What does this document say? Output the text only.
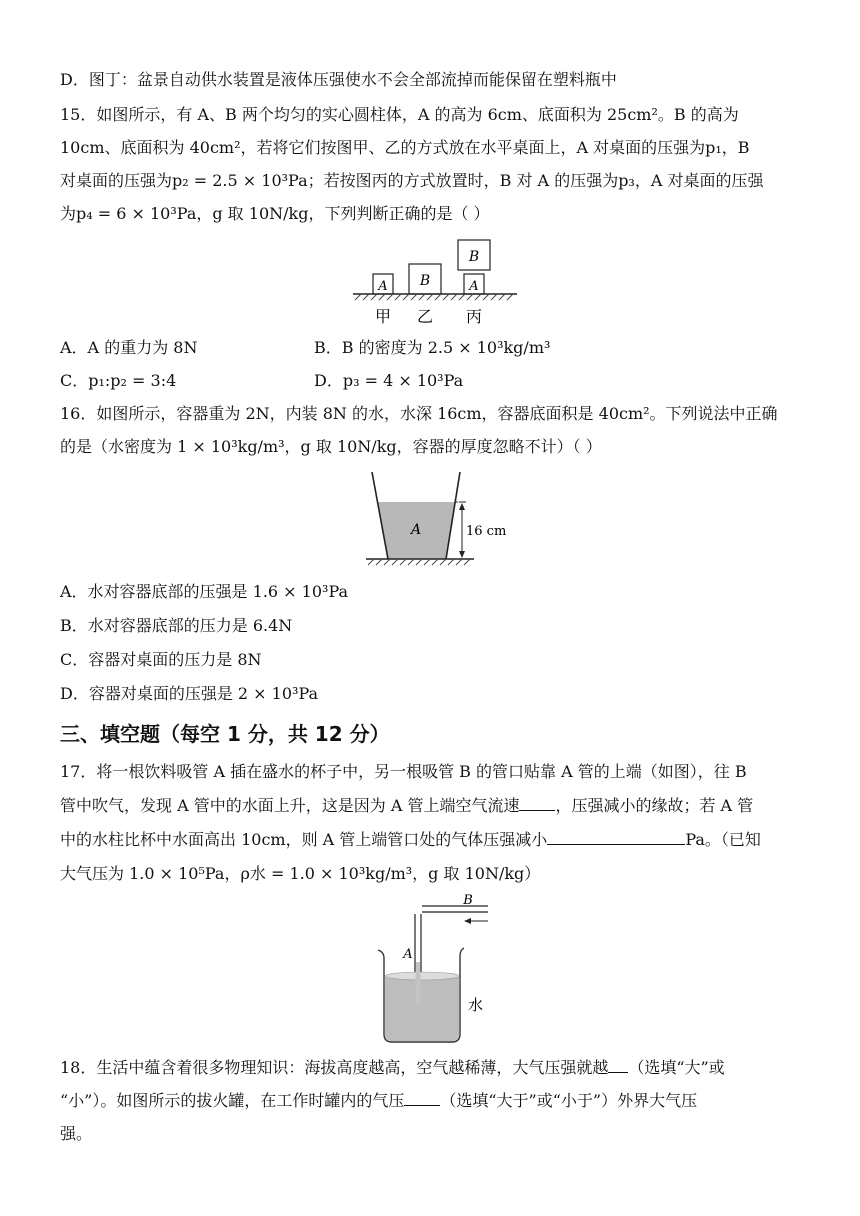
D．图丁：盆景自动供水装置是液体压强使水不会全部流掉而能保留在塑料瓶中
15．如图所示，有 A、B 两个均匀的实心圆柱体，A 的高为 6cm、底面积为 25cm²。B 的高为
10cm、底面积为 40cm²，若将它们按图甲、乙的方式放在水平桌面上，A 对桌面的压强为p₁，B
对桌面的压强为p₂ = 2.5 × 10³Pa；若按图丙的方式放置时，B 对 A 的压强为p₃，A 对桌面的压强
为p₄ = 6 × 10³Pa，g 取 10N/kg，下列判断正确的是（ ）
A B
B
A
甲 乙 丙
A．A 的重力为 8N	B．B 的密度为 2.5 × 10³kg/m³
C．p₁:p₂ = 3:4	D．p₃ = 4 × 10³Pa
16．如图所示，容器重为 2N，内装 8N 的水，水深 16cm，容器底面积是 40cm²。下列说法中正确
的是（水密度为 1 × 10³kg/m³，g 取 10N/kg，容器的厚度忽略不计）（ ）
A	16 cm
A．水对容器底部的压强是 1.6 × 10³Pa
B．水对容器底部的压力是 6.4N
C．容器对桌面的压力是 8N
D．容器对桌面的压强是 2 × 10³Pa
三、填空题（每空 1 分，共 12 分）
17．将一根饮料吸管 A 插在盛水的杯子中，另一根吸管 B 的管口贴靠 A 管的上端（如图），往 B
管中吹气，发现 A 管中的水面上升，这是因为 A 管上端空气流速 ，压强减小的缘故；若 A 管
中的水柱比杯中水面高出 10cm，则 A 管上端管口处的气体压强减小	Pa。（已知
大气压为 1.0 × 10⁵Pa，ρ水 = 1.0 × 10³kg/m³，g 取 10N/kg）
B
A
水
18．生活中蕴含着很多物理知识：海拔高度越高，空气越稀薄，大气压强就越 （选填“大”或
“小”）。如图所示的拔火罐，在工作时罐内的气压 （选填“大于”或“小于”）外界大气压
强。
